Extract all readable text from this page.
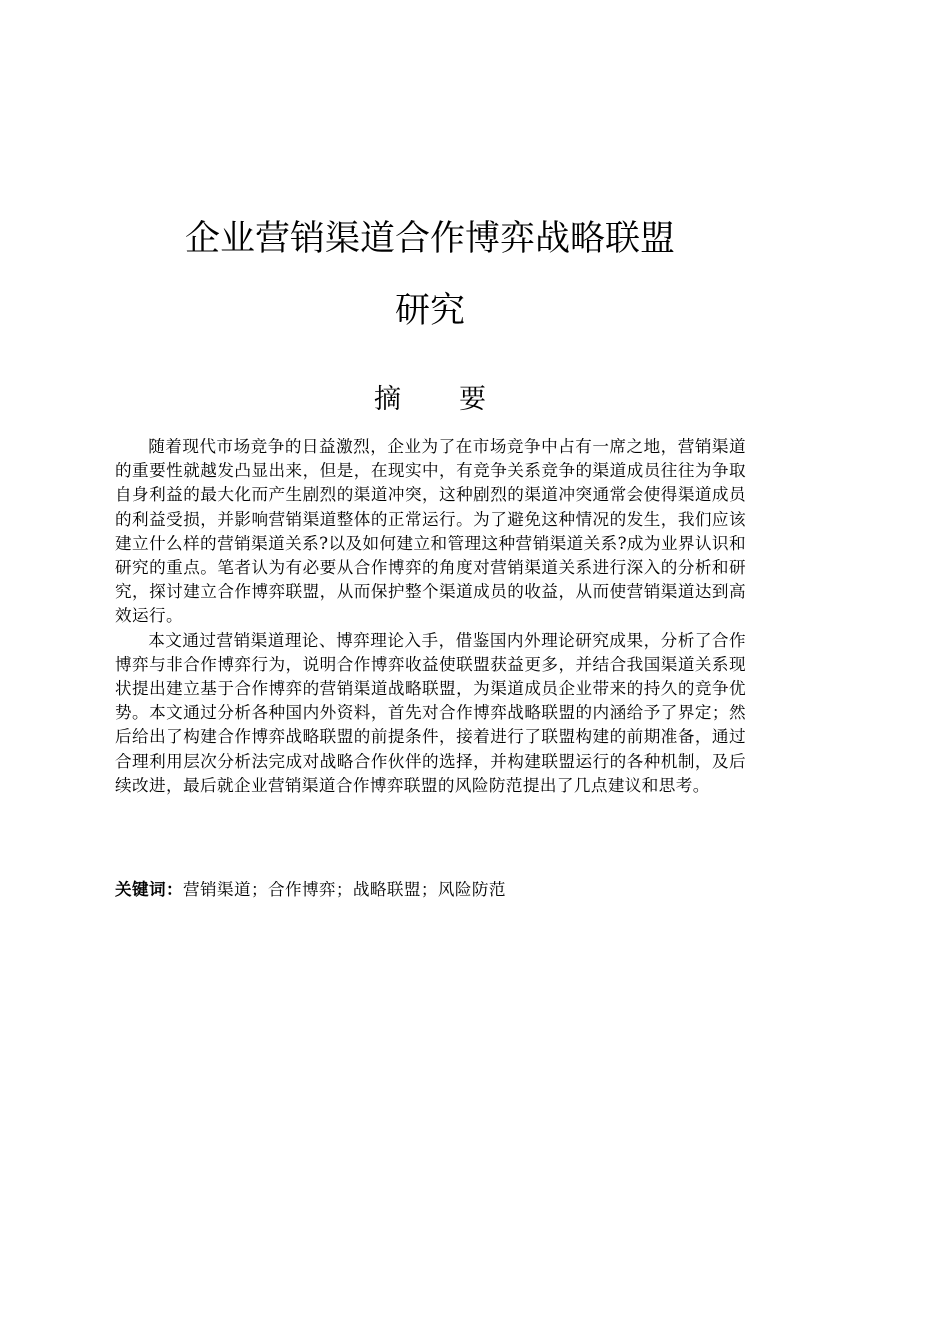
企业营销渠道合作博弈战略联盟
研究
摘 要

随着现代市场竞争的日益激烈，企业为了在市场竞争中占有一席之地，营销渠道的重要性就越发凸显出来，但是，在现实中，有竞争关系竞争的渠道成员往往为争取自身利益的最大化而产生剧烈的渠道冲突，这种剧烈的渠道冲突通常会使得渠道成员的利益受损，并影响营销渠道整体的正常运行。为了避免这种情况的发生，我们应该建立什么样的营销渠道关系?以及如何建立和管理这种营销渠道关系?成为业界认识和研究的重点。笔者认为有必要从合作博弈的角度对营销渠道关系进行深入的分析和研究，探讨建立合作博弈联盟，从而保护整个渠道成员的收益，从而使营销渠道达到高效运行。

本文通过营销渠道理论、博弈理论入手，借鉴国内外理论研究成果，分析了合作博弈与非合作博弈行为，说明合作博弈收益使联盟获益更多，并结合我国渠道关系现状提出建立基于合作博弈的营销渠道战略联盟，为渠道成员企业带来的持久的竞争优势。本文通过分析各种国内外资料，首先对合作博弈战略联盟的内涵给予了界定；然后给出了构建合作博弈战略联盟的前提条件，接着进行了联盟构建的前期准备，通过合理利用层次分析法完成对战略合作伙伴的选择，并构建联盟运行的各种机制，及后续改进，最后就企业营销渠道合作博弈联盟的风险防范提出了几点建议和思考。

关键词：营销渠道；合作博弈；战略联盟；风险防范
